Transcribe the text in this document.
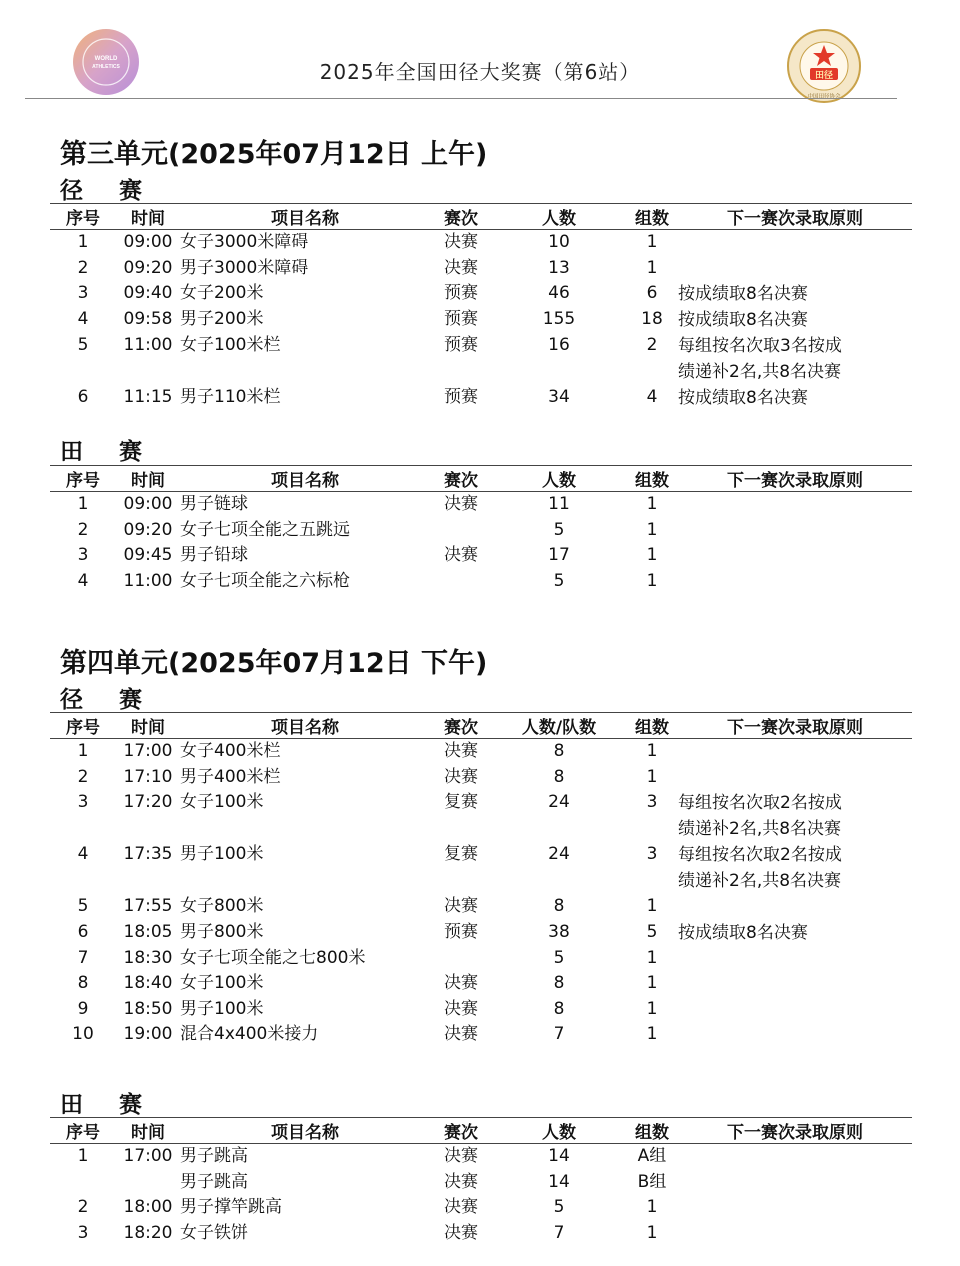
WORLD
ATHLETICS	2025年全国田径大奖赛（第6站）	田径
中国田径协会
第三单元(2025年07月12日 上午)
径 赛
序号	时间	项目名称	赛次	人数	组数	下一赛次录取原则
1	09:00	女子3000米障碍	决赛	10	1	
2	09:20	男子3000米障碍	决赛	13	1	
3	09:40	女子200米	预赛	46	6	按成绩取8名决赛

4	09:58	男子200米	预赛	155	18	按成绩取8名决赛

5	11:00	女子100米栏	预赛	16	2	每组按名次取3名按成
绩递补2名,共8名决赛

6	11:15	男子110米栏	预赛	34	4	按成绩取8名决赛
田 赛
序号	时间	项目名称	赛次	人数	组数	下一赛次录取原则
1	09:00	男子链球	决赛	11	1	
2	09:20	女子七项全能之五跳远		5	1	
3	09:45	男子铅球	决赛	17	1	
4	11:00	女子七项全能之六标枪		5	1	
第四单元(2025年07月12日 下午)
径 赛
序号	时间	项目名称	赛次	人数/队数	组数	下一赛次录取原则
1	17:00	女子400米栏	决赛	8	1	
2	17:10	男子400米栏	决赛	8	1	
3	17:20	女子100米	复赛	24	3	每组按名次取2名按成
绩递补2名,共8名决赛

4	17:35	男子100米	复赛	24	3	每组按名次取2名按成
绩递补2名,共8名决赛

5	17:55	女子800米	决赛	8	1	
6	18:05	男子800米	预赛	38	5	按成绩取8名决赛

7	18:30	女子七项全能之七800米		5	1	
8	18:40	女子100米	决赛	8	1	
9	18:50	男子100米	决赛	8	1	
10	19:00	混合4x400米接力	决赛	7	1	
田 赛
序号	时间	项目名称	赛次	人数	组数	下一赛次录取原则
1	17:00	男子跳高	决赛	14	A组	
		男子跳高	决赛	14	B组	
2	18:00	男子撑竿跳高	决赛	5	1	
3	18:20	女子铁饼	决赛	7	1	
